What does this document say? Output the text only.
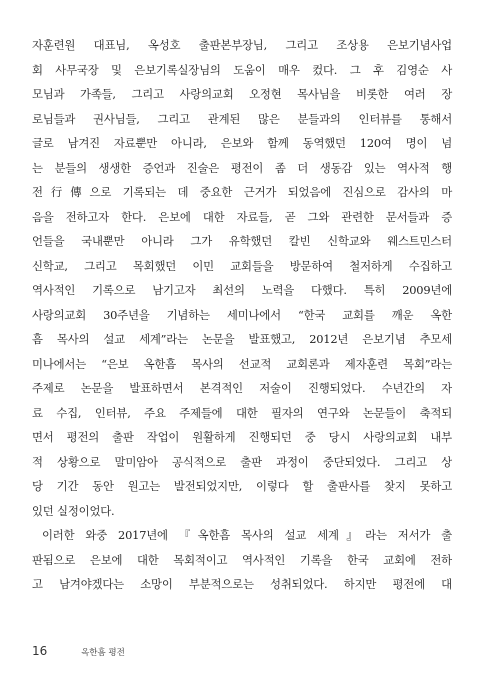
자훈련원 대표님, 옥성호 출판본부장님, 그리고 조상용 은보기념사업
회 사무국장 및 은보기록실장님의 도움이 매우 컸다. 그 후 김영순 사
모님과 가족들, 그리고 사랑의교회 오정현 목사님을 비롯한 여러 장
로님들과 권사님들, 그리고 관계된 많은 분들과의 인터뷰를 통해서
글로 남겨진 자료뿐만 아니라, 은보와 함께 동역했던 120여 명이 넘
는 분들의 생생한 증언과 진술은 평전이 좀 더 생동감 있는 역사적 행
전行傳으로 기록되는 데 중요한 근거가 되었음에 진심으로 감사의 마
음을 전하고자 한다. 은보에 대한 자료들, 곧 그와 관련한 문서들과 증
언들을 국내뿐만 아니라 그가 유학했던 칼빈 신학교와 웨스트민스터
신학교, 그리고 목회했던 이민 교회들을 방문하여 철저하게 수집하고
역사적인 기록으로 남기고자 최선의 노력을 다했다. 특히 2009년에
사랑의교회 30주년을 기념하는 세미나에서 “한국 교회를 깨운 옥한
흠 목사의 설교 세계”라는 논문을 발표했고, 2012년 은보기념 추모세
미나에서는 “은보 옥한흠 목사의 선교적 교회론과 제자훈련 목회”라는
주제로 논문을 발표하면서 본격적인 저술이 진행되었다. 수년간의 자
료 수집, 인터뷰, 주요 주제들에 대한 필자의 연구와 논문들이 축적되
면서 평전의 출판 작업이 원활하게 진행되던 중 당시 사랑의교회 내부
적 상황으로 말미암아 공식적으로 출판 과정이 중단되었다. 그리고 상
당 기간 동안 원고는 발전되었지만, 이렇다 할 출판사를 찾지 못하고
있던 실정이었다.
이러한 와중 2017년에 『옥한흠 목사의 설교 세계』라는 저서가 출
판됨으로 은보에 대한 목회적이고 역사적인 기록을 한국 교회에 전하
고 남겨야겠다는 소망이 부분적으로는 성취되었다. 하지만 평전에 대
16	옥한흠 평전
